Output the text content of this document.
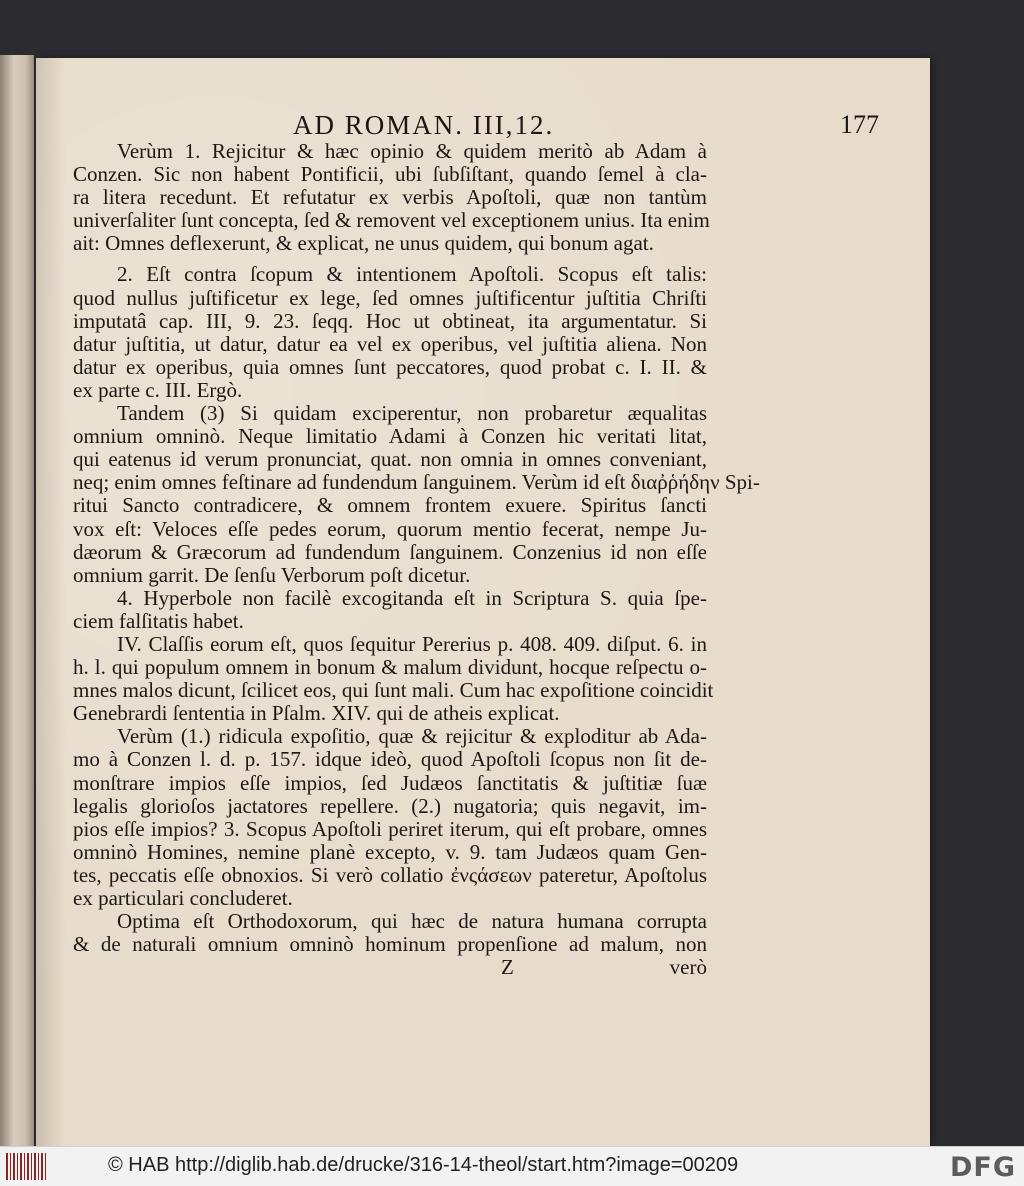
AD ROMAN. III,12.	177
Verùm 1. Rejicitur & hæc opinio & quidem meritò ab Adam à
Conzen. Sic non habent Pontificii, ubi ſubſiſtant, quando ſemel à cla-
ra litera recedunt. Et refutatur ex verbis Apoſtoli, quæ non tantùm
univerſaliter ſunt concepta, ſed & removent vel exceptionem unius. Ita enim
ait: Omnes deflexerunt, & explicat, ne unus quidem, qui bonum agat.
2. Eſt contra ſcopum & intentionem Apoſtoli. Scopus eſt talis:
quod nullus juſtificetur ex lege, ſed omnes juſtificentur juſtitia Chriſti
imputatâ cap. III, 9. 23. ſeqq. Hoc ut obtineat, ita argumentatur. Si
datur juſtitia, ut datur, datur ea vel ex operibus, vel juſtitia aliena. Non
datur ex operibus, quia omnes ſunt peccatores, quod probat c. I. II. &
ex parte c. III. Ergò.
Tandem (3) Si quidam exciperentur, non probaretur æqualitas
omnium omninò. Neque limitatio Adami à Conzen hic veritati litat,
qui eatenus id verum pronunciat, quat. non omnia in omnes conveniant,
neq; enim omnes feſtinare ad fundendum ſanguinem. Verùm id eſt διαῤῥήδην Spi-
ritui Sancto contradicere, & omnem frontem exuere. Spiritus ſancti
vox eſt: Veloces eſſe pedes eorum, quorum mentio fecerat, nempe Ju-
dæorum & Græcorum ad fundendum ſanguinem. Conzenius id non eſſe
omnium garrit. De ſenſu Verborum poſt dicetur.
4. Hyperbole non facilè excogitanda eſt in Scriptura S. quia ſpe-
ciem falſitatis habet.
IV. Claſſis eorum eſt, quos ſequitur Pererius p. 408. 409. diſput. 6. in
h. l. qui populum omnem in bonum & malum dividunt, hocque reſpectu o-
mnes malos dicunt, ſcilicet eos, qui ſunt mali. Cum hac expoſitione coincidit
Genebrardi ſententia in Pſalm. XIV. qui de atheis explicat.
Verùm (1.) ridicula expoſitio, quæ & rejicitur & exploditur ab Ada-
mo à Conzen l. d. p. 157. idque ideò, quod Apoſtoli ſcopus non ſit de-
monſtrare impios eſſe impios, ſed Judæos ſanctitatis & juſtitiæ ſuæ
legalis glorioſos jactatores repellere. (2.) nugatoria; quis negavit, im-
pios eſſe impios? 3. Scopus Apoſtoli periret iterum, qui eſt probare, omnes
omninò Homines, nemine planè excepto, v. 9. tam Judæos quam Gen-
tes, peccatis eſſe obnoxios. Si verò collatio ἐνςάσεων pateretur, Apoſtolus
ex particulari concluderet.
Optima eſt Orthodoxorum, qui hæc de natura humana corrupta
& de naturali omnium omninò hominum propenſione ad malum, non
Z	verò
© HAB http://diglib.hab.de/drucke/316-14-theol/start.htm?image=00209	DFG
